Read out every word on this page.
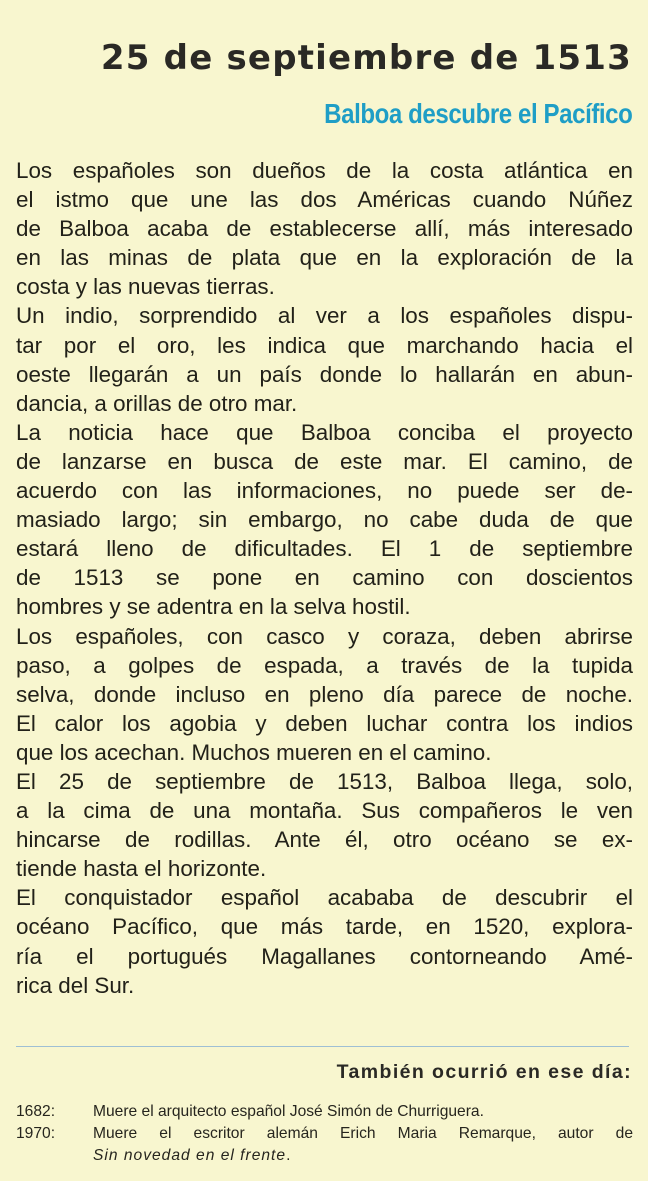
25 de septiembre de 1513
Balboa descubre el Pacífico
Los españoles son dueños de la costa atlántica en
el istmo que une las dos Américas cuando Núñez
de Balboa acaba de establecerse allí, más interesado
en las minas de plata que en la exploración de la
costa y las nuevas tierras.
Un indio, sorprendido al ver a los españoles dispu-
tar por el oro, les indica que marchando hacia el
oeste llegarán a un país donde lo hallarán en abun-
dancia, a orillas de otro mar.
La noticia hace que Balboa conciba el proyecto
de lanzarse en busca de este mar. El camino, de
acuerdo con las informaciones, no puede ser de-
masiado largo; sin embargo, no cabe duda de que
estará lleno de dificultades. El 1 de septiembre
de 1513 se pone en camino con doscientos
hombres y se adentra en la selva hostil.
Los españoles, con casco y coraza, deben abrirse
paso, a golpes de espada, a través de la tupida
selva, donde incluso en pleno día parece de noche.
El calor los agobia y deben luchar contra los indios
que los acechan. Muchos mueren en el camino.
El 25 de septiembre de 1513, Balboa llega, solo,
a la cima de una montaña. Sus compañeros le ven
hincarse de rodillas. Ante él, otro océano se ex-
tiende hasta el horizonte.
El conquistador español acababa de descubrir el
océano Pacífico, que más tarde, en 1520, explora-
ría el portugués Magallanes contorneando Amé-
rica del Sur.
También ocurrió en ese día:
1682: Muere el arquitecto español José Simón de Churriguera.
1970: Muere el escritor alemán Erich Maria Remarque, autor de
Sin novedad en el frente.
